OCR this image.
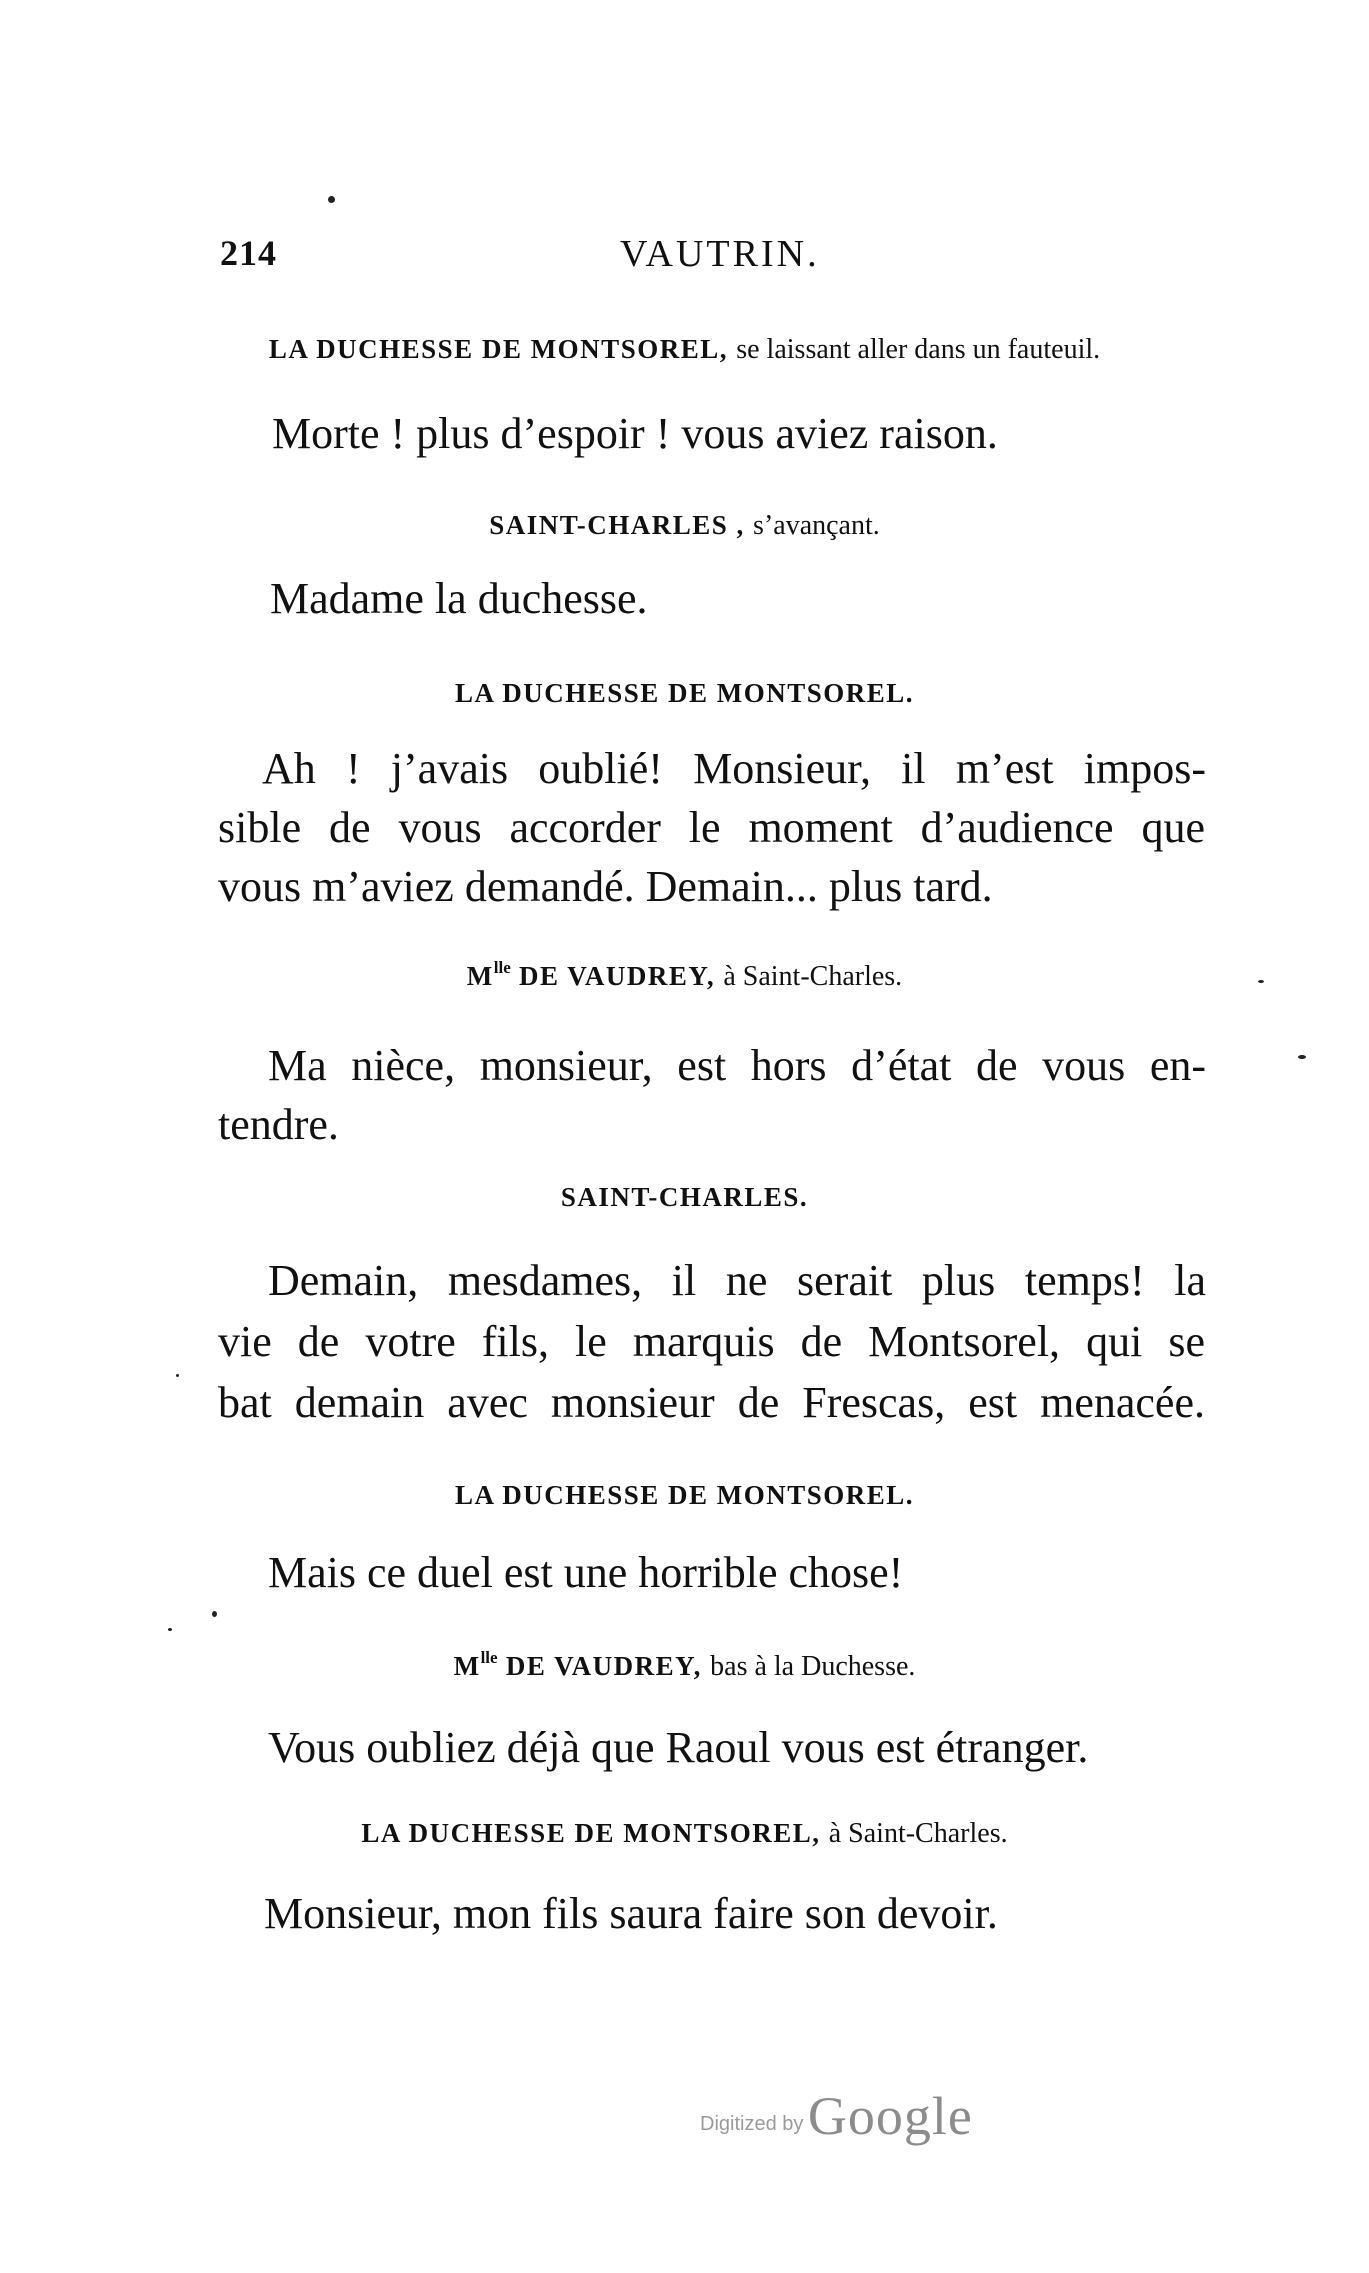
214	VAUTRIN.
LA DUCHESSE DE MONTSOREL, se laissant aller dans un fauteuil.
Morte ! plus d’espoir ! vous aviez raison.
SAINT-CHARLES , s’avançant.
Madame la duchesse.
LA DUCHESSE DE MONTSOREL.
Ah ! j’avais oublié! Monsieur, il m’est impos-
sible de vous accorder le moment d’audience que
vous m’aviez demandé. Demain... plus tard.
$M^{lle}$ DE VAUDREY, à Saint-Charles.
Ma nièce, monsieur, est hors d’état de vous en-
tendre.
SAINT-CHARLES.
Demain, mesdames, il ne serait plus temps! la
vie de votre fils, le marquis de Montsorel, qui se
bat demain avec monsieur de Frescas, est menacée.
LA DUCHESSE DE MONTSOREL.
Mais ce duel est une horrible chose!
$M^{lle}$ DE VAUDREY, bas à la Duchesse.
Vous oubliez déjà que Raoul vous est étranger.
LA DUCHESSE DE MONTSOREL, à Saint-Charles.
Monsieur, mon fils saura faire son devoir.
Digitized by Google
